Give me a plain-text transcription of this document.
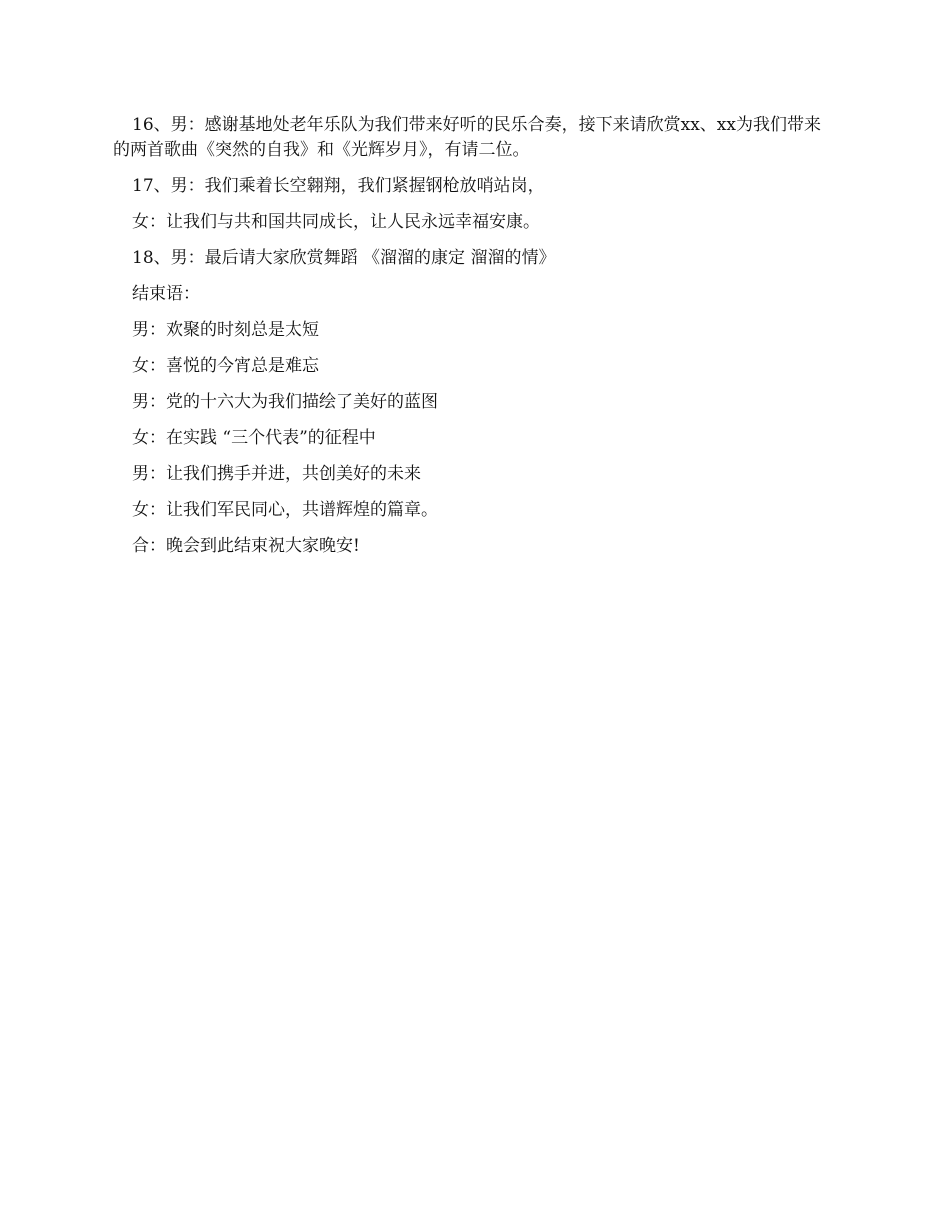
16、男：感谢基地处老年乐队为我们带来好听的民乐合奏，接下来请欣赏xx、xx为我们带来的两首歌曲《突然的自我》和《光辉岁月》，有请二位。

17、男：我们乘着长空翱翔，我们紧握钢枪放哨站岗，

女：让我们与共和国共同成长，让人民永远幸福安康。

18、男：最后请大家欣赏舞蹈 《溜溜的康定 溜溜的情》

结束语：

男：欢聚的时刻总是太短

女：喜悦的今宵总是难忘

男：党的十六大为我们描绘了美好的蓝图

女：在实践 “三个代表”的征程中

男：让我们携手并进，共创美好的未来

女：让我们军民同心，共谱辉煌的篇章。

合：晚会到此结束祝大家晚安!
